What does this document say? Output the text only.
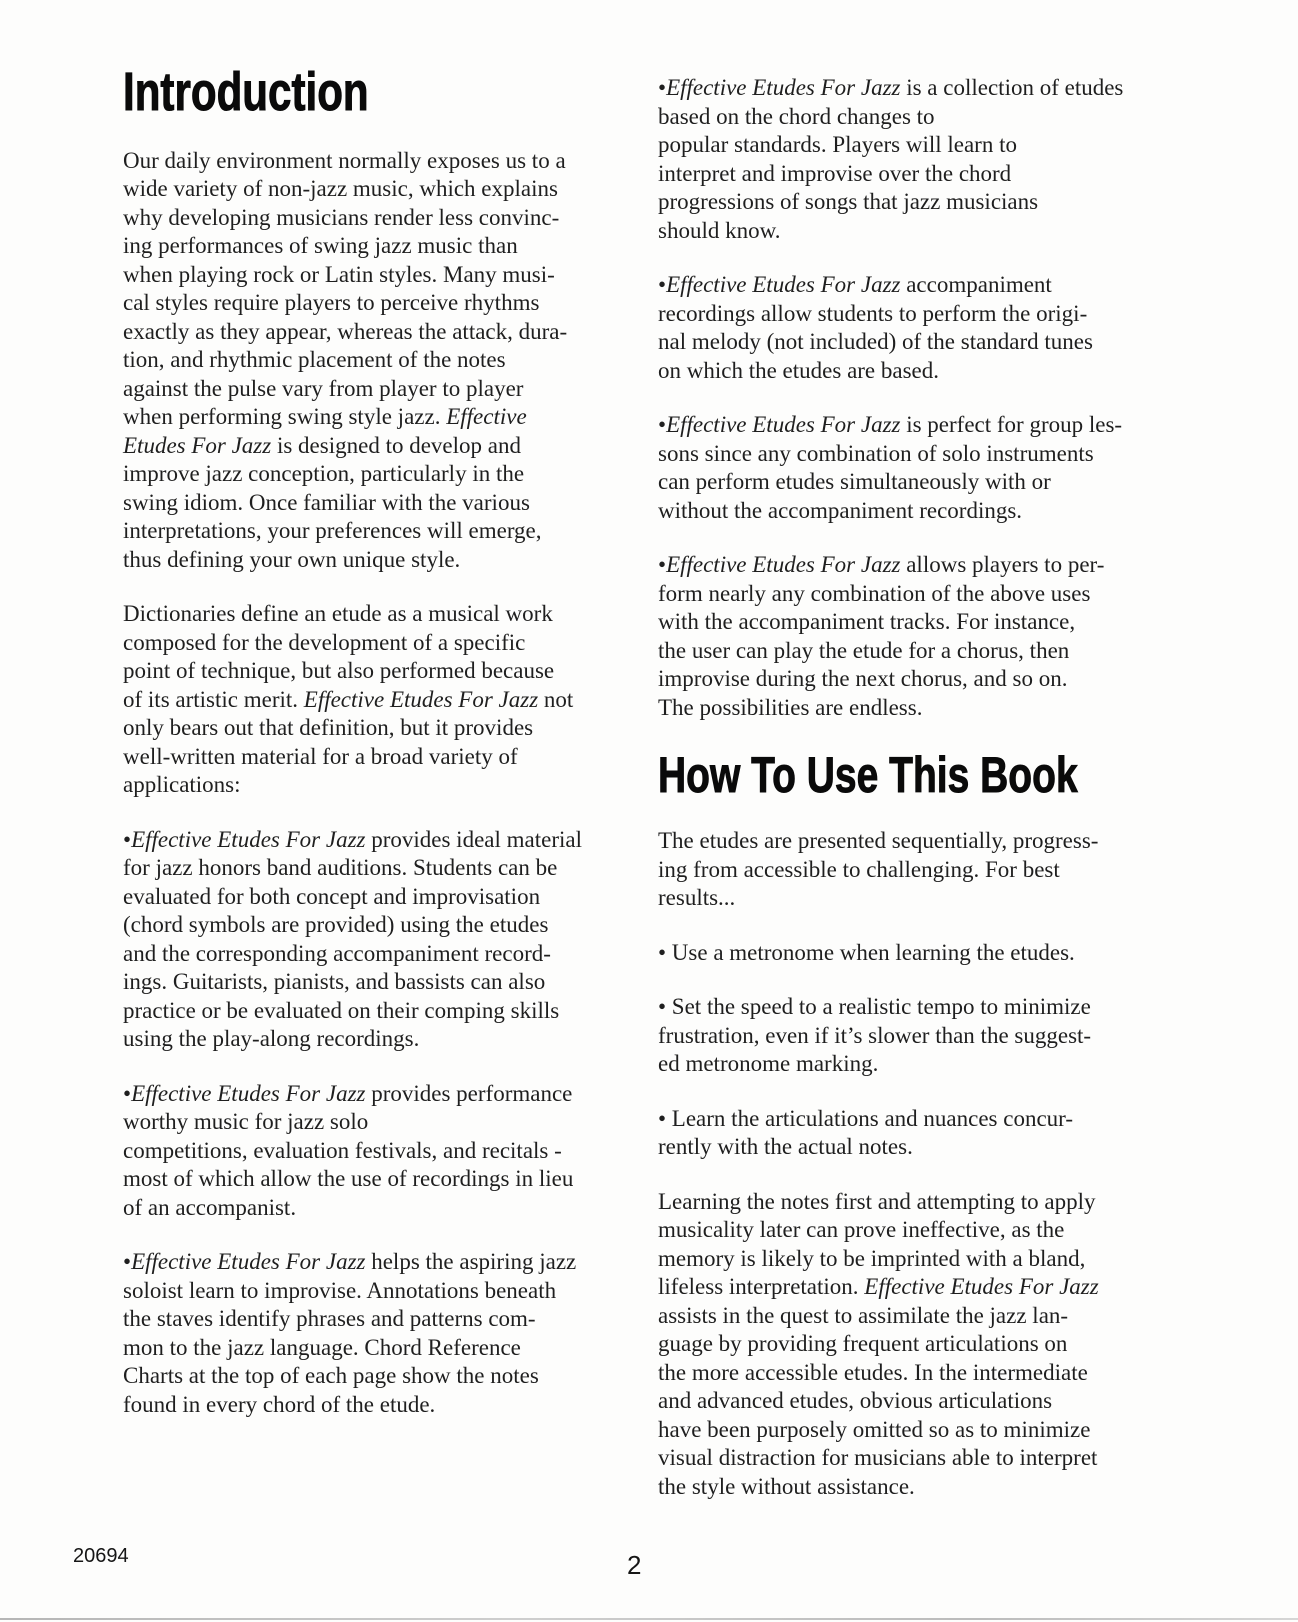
Introduction
Our daily environment normally exposes us to a
wide variety of non-jazz music, which explains
why developing musicians render less convinc-
ing performances of swing jazz music than
when playing rock or Latin styles. Many musi-
cal styles require players to perceive rhythms
exactly as they appear, whereas the attack, dura-
tion, and rhythmic placement of the notes
against the pulse vary from player to player
when performing swing style jazz. Effective
Etudes For Jazz is designed to develop and
improve jazz conception, particularly in the
swing idiom. Once familiar with the various
interpretations, your preferences will emerge,
thus defining your own unique style.
Dictionaries define an etude as a musical work
composed for the development of a specific
point of technique, but also performed because
of its artistic merit. Effective Etudes For Jazz not
only bears out that definition, but it provides
well-written material for a broad variety of
applications:
•Effective Etudes For Jazz provides ideal material
for jazz honors band auditions. Students can be
evaluated for both concept and improvisation
(chord symbols are provided) using the etudes
and the corresponding accompaniment record-
ings. Guitarists, pianists, and bassists can also
practice or be evaluated on their comping skills
using the play-along recordings.
•Effective Etudes For Jazz provides performance
worthy music for jazz solo
competitions, evaluation festivals, and recitals -
most of which allow the use of recordings in lieu
of an accompanist.
•Effective Etudes For Jazz helps the aspiring jazz
soloist learn to improvise. Annotations beneath
the staves identify phrases and patterns com-
mon to the jazz language. Chord Reference
Charts at the top of each page show the notes
found in every chord of the etude.
•Effective Etudes For Jazz is a collection of etudes
based on the chord changes to
popular standards. Players will learn to
interpret and improvise over the chord
progressions of songs that jazz musicians
should know.
•Effective Etudes For Jazz accompaniment
recordings allow students to perform the origi-
nal melody (not included) of the standard tunes
on which the etudes are based.
•Effective Etudes For Jazz is perfect for group les-
sons since any combination of solo instruments
can perform etudes simultaneously with or
without the accompaniment recordings.
•Effective Etudes For Jazz allows players to per-
form nearly any combination of the above uses
with the accompaniment tracks. For instance,
the user can play the etude for a chorus, then
improvise during the next chorus, and so on.
The possibilities are endless.
How To Use This Book
The etudes are presented sequentially, progress-
ing from accessible to challenging. For best
results...
• Use a metronome when learning the etudes.
• Set the speed to a realistic tempo to minimize
frustration, even if it’s slower than the suggest-
ed metronome marking.
• Learn the articulations and nuances concur-
rently with the actual notes.
Learning the notes first and attempting to apply
musicality later can prove ineffective, as the
memory is likely to be imprinted with a bland,
lifeless interpretation. Effective Etudes For Jazz
assists in the quest to assimilate the jazz lan-
guage by providing frequent articulations on
the more accessible etudes. In the intermediate
and advanced etudes, obvious articulations
have been purposely omitted so as to minimize
visual distraction for musicians able to interpret
the style without assistance.
20694	2
